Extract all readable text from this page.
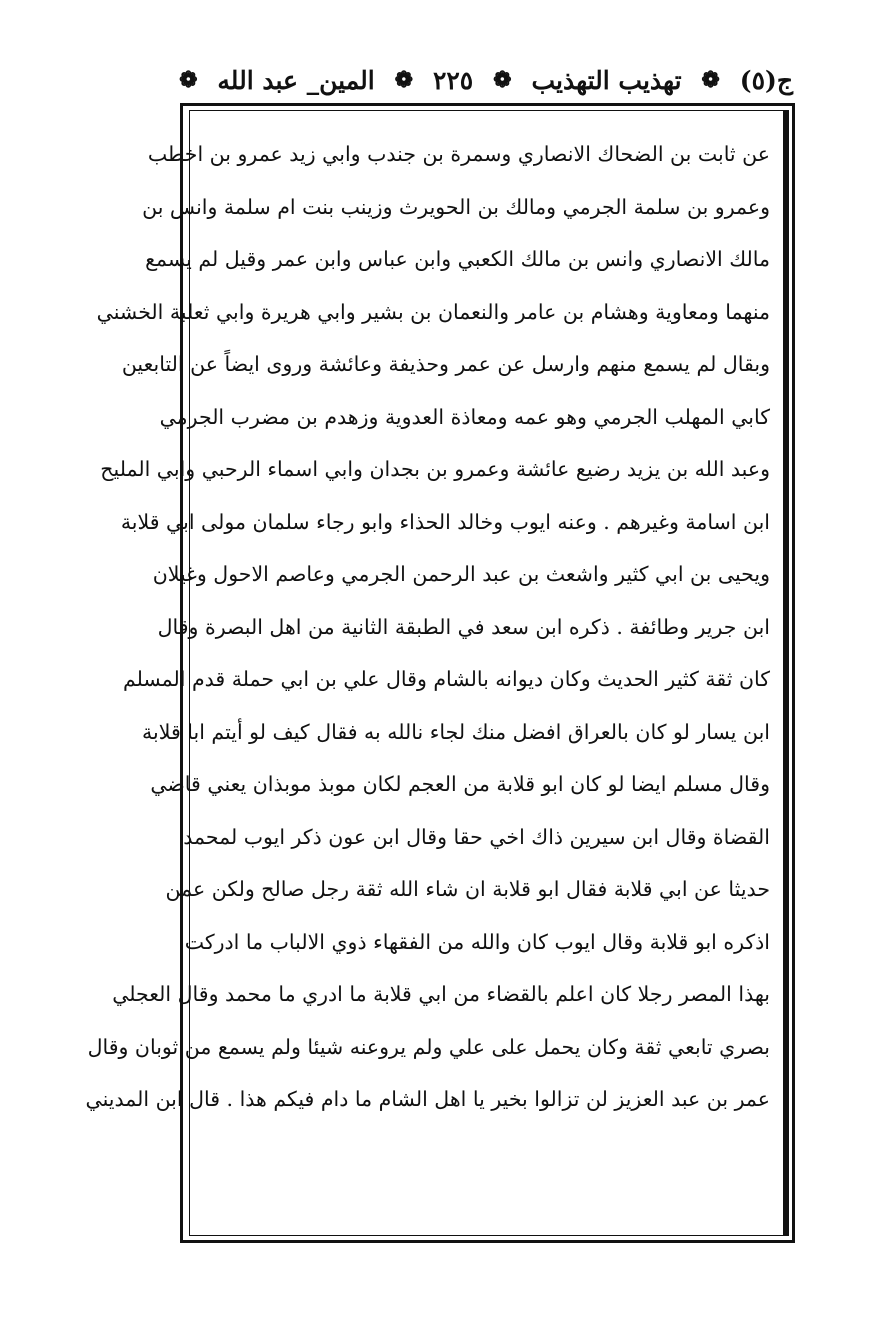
ج(٥)
❁
تهذيب التهذيب
❁
٢٢٥
❁
المين_ عبد الله
❁
عن ثابت بن الضحاك الانصاري وسمرة بن جندب وابي زيد عمرو بن اخطب
وعمرو بن سلمة الجرمي ومالك بن الحويرث وزينب بنت ام سلمة وانس بن
مالك الانصاري وانس بن مالك الكعبي وابن عباس وابن عمر وقيل لم يسمع
منهما ومعاوية وهشام بن عامر والنعمان بن بشير وابي هريرة وابي ثعلبة الخشني
وبقال لم يسمع منهم وارسل عن عمر وحذيفة وعائشة وروى ايضاً عن التابعين
كابي المهلب الجرمي وهو عمه ومعاذة العدوية وزهدم بن مضرب الجرمي
وعبد الله بن يزيد رضيع عائشة وعمرو بن بجدان وابي اسماء الرحبي وابي المليح
ابن اسامة وغيرهم . وعنه ايوب وخالد الحذاء وابو رجاء سلمان مولى ابي قلابة
ويحيى بن ابي كثير واشعث بن عبد الرحمن الجرمي وعاصم الاحول وغيلان
ابن جرير وطائفة . ذكره ابن سعد في الطبقة الثانية من اهل البصرة وقال
كان ثقة كثير الحديث وكان ديوانه بالشام وقال علي بن ابي حملة قدم المسلم
ابن يسار لو كان بالعراق افضل منك لجاء نالله به فقال كيف لو أيتم ابا قلابة
وقال مسلم ايضا لو كان ابو قلابة من العجم لكان موبذ موبذان يعني قاضي
القضاة وقال ابن سيرين ذاك اخي حقا وقال ابن عون ذكر ايوب لمحمد
حديثا عن ابي قلابة فقال ابو قلابة ان شاء الله ثقة رجل صالح ولكن عمن
اذكره ابو قلابة وقال ايوب كان والله من الفقهاء ذوي الالباب ما ادركت
بهذا المصر رجلا كان اعلم بالقضاء من ابي قلابة ما ادري ما محمد وقال العجلي
بصري تابعي ثقة وكان يحمل على علي ولم يروعنه شيئا ولم يسمع من ثوبان وقال
عمر بن عبد العزيز لن تزالوا بخير يا اهل الشام ما دام فيكم هذا . قال ابن المديني
